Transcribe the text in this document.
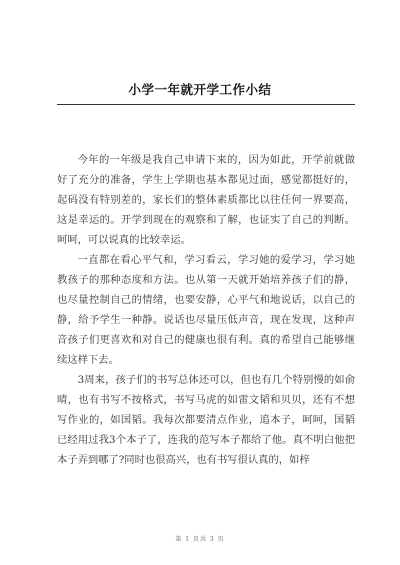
小学一年就开学工作小结

今年的一年级是我自己申请下来的，因为如此，开学前就做好了充分的准备，学生上学期也基本都见过面，感觉都挺好的，起码没有特别差的，家长们的整体素质都比以往任何一界要高，这是幸运的。开学到现在的观察和了解，也证实了自己的判断。呵呵，可以说真的比较幸运。

一直都在看心平气和，学习看云，学习她的爱学习，学习她教孩子的那种态度和方法。也从第一天就开始培养孩子们的静，也尽量控制自己的情绪，也要安静，心平气和地说话，以自己的静，给予学生一种静。说话也尽量压低声音，现在发现，这种声音孩子们更喜欢和对自己的健康也很有利。真的希望自己能够继续这样下去。

3周来，孩子们的书写总体还可以，但也有几个特别慢的如俞晴，也有书写不按格式，书写马虎的如雷文韬和贝贝，还有不想写作业的，如国韬。我每次都要清点作业，追本子，呵呵，国韬已经用过我3个本子了，连我的范写本子都给了他。真不明白他把本子弄到哪了?同时也很高兴，也有书写很认真的，如梓

第 1 页共 3 页
